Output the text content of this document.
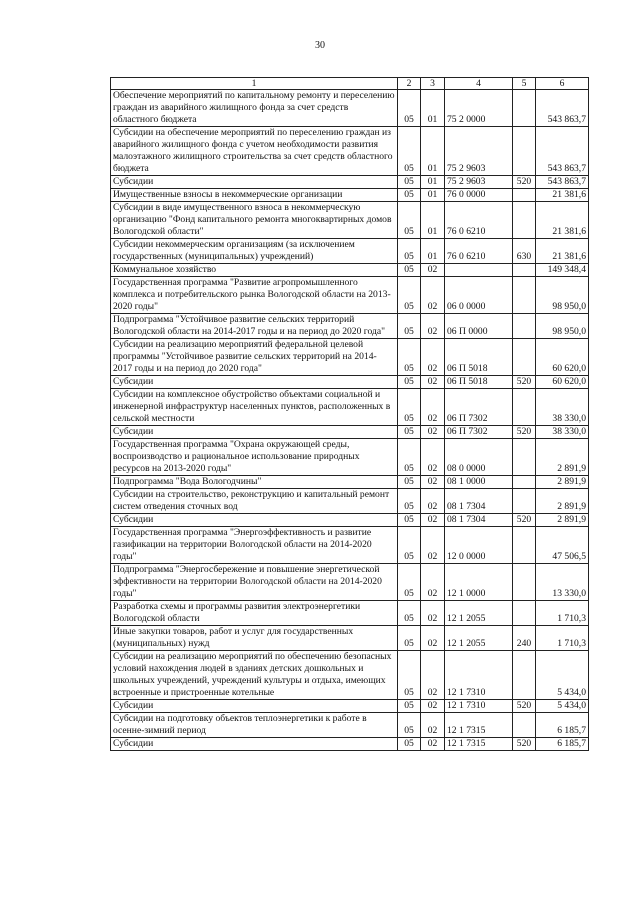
30
1	2	3	4	5	6
Обеспечение мероприятий по капитальному ремонту и переселению граждан из аварийного жилищного фонда за счет средств областного бюджета	05	01	75 2 0000		543 863,7
Субсидии на обеспечение мероприятий по переселению граждан из аварийного жилищного фонда с учетом необходимости развития малоэтажного жилищного строительства за счет средств областного бюджета	05	01	75 2 9603		543 863,7
Субсидии	05	01	75 2 9603	520	543 863,7
Имущественные взносы в некоммерческие организации	05	01	76 0 0000		21 381,6
Субсидии в виде имущественного взноса в некоммерческую организацию "Фонд капитального ремонта многоквартирных домов Вологодской области"	05	01	76 0 6210		21 381,6
Субсидии некоммерческим организациям (за исключением государственных (муниципальных) учреждений)	05	01	76 0 6210	630	21 381,6
Коммунальное хозяйство	05	02			149 348,4
Государственная программа "Развитие агропромышленного комплекса и потребительского рынка Вологодской области на 2013-2020 годы"	05	02	06 0 0000		98 950,0
Подпрограмма "Устойчивое развитие сельских территорий Вологодской области на 2014-2017 годы и на период до 2020 года"	05	02	06 П 0000		98 950,0
Субсидии на реализацию мероприятий федеральной целевой программы "Устойчивое развитие сельских территорий на 2014-2017 годы и на период до 2020 года"	05	02	06 П 5018		60 620,0
Субсидии	05	02	06 П 5018	520	60 620,0
Субсидии на комплексное обустройство объектами социальной и инженерной инфраструктур населенных пунктов, расположенных в сельской местности	05	02	06 П 7302		38 330,0
Субсидии	05	02	06 П 7302	520	38 330,0
Государственная программа "Охрана окружающей среды, воспроизводство и рациональное использование природных ресурсов на 2013-2020 годы"	05	02	08 0 0000		2 891,9
Подпрограмма "Вода Вологодчины"	05	02	08 1 0000		2 891,9
Субсидии на строительство, реконструкцию и капитальный ремонт систем отведения сточных вод	05	02	08 1 7304		2 891,9
Субсидии	05	02	08 1 7304	520	2 891,9
Государственная программа "Энергоэффективность и развитие газификации на территории Вологодской области на 2014-2020 годы"	05	02	12 0 0000		47 506,5
Подпрограмма "Энергосбережение и повышение энергетической эффективности на территории Вологодской области на 2014-2020 годы"	05	02	12 1 0000		13 330,0
Разработка схемы и программы развития электроэнергетики Вологодской области	05	02	12 1 2055		1 710,3
Иные закупки товаров, работ и услуг для государственных (муниципальных) нужд	05	02	12 1 2055	240	1 710,3
Субсидии на реализацию мероприятий по обеспечению безопасных условий нахождения людей в зданиях детских дошкольных и школьных учреждений, учреждений культуры и отдыха, имеющих встроенные и пристроенные котельные	05	02	12 1 7310		5 434,0
Субсидии	05	02	12 1 7310	520	5 434,0
Субсидии на подготовку объектов теплоэнергетики к работе в осенне-зимний период	05	02	12 1 7315		6 185,7
Субсидии	05	02	12 1 7315	520	6 185,7
